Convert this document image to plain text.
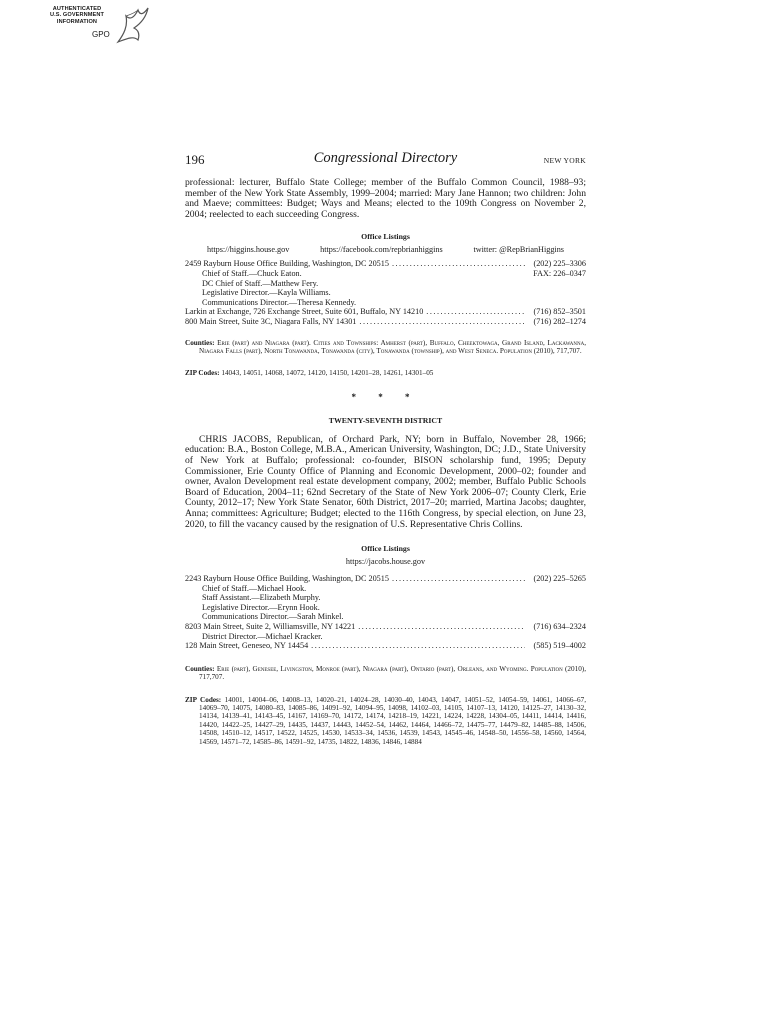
AUTHENTICATED
U.S. GOVERNMENT
INFORMATION
GPO
196	Congressional Directory	NEW YORK

professional: lecturer, Buffalo State College; member of the Buffalo Common Council, 1988–93; member of the New York State Assembly, 1999–2004; married: Mary Jane Hannon; two children: John and Maeve; committees: Budget; Ways and Means; elected to the 109th Congress on November 2, 2004; reelected to each succeeding Congress.

Office Listings
https://higgins.house.gov	https://facebook.com/repbrianhiggins	twitter: @RepBrianHiggins
2459 Rayburn House Office Building, Washington, DC 20515 .....	(202) 225–3306
Chief of Staff.—Chuck Eaton.	FAX: 226–0347
DC Chief of Staff.—Matthew Fery.
Legislative Director.—Kayla Williams.
Communications Director.—Theresa Kennedy.
Larkin at Exchange, 726 Exchange Street, Suite 601, Buffalo, NY 14210 .....	(716) 852–3501
800 Main Street, Suite 3C, Niagara Falls, NY 14301 .....	(716) 282–1274

Counties: Erie (part) and Niagara (part). Cities and Townships: Amherst (part), Buffalo, Cheektowaga, Grand Island, Lackawanna, Niagara Falls (part), North Tonawanda, Tonawanda (city), Tonawanda (township), and West Seneca. Population (2010), 717,707.

ZIP Codes: 14043, 14051, 14068, 14072, 14120, 14150, 14201–28, 14261, 14301–05

* * *
TWENTY-SEVENTH DISTRICT

CHRIS JACOBS, Republican, of Orchard Park, NY; born in Buffalo, November 28, 1966; education: B.A., Boston College, M.B.A., American University, Washington, DC; J.D., State University of New York at Buffalo; professional: co-founder, BISON scholarship fund, 1995; Deputy Commissioner, Erie County Office of Planning and Economic Development, 2000–02; founder and owner, Avalon Development real estate development company, 2002; member, Buffalo Public Schools Board of Education, 2004–11; 62nd Secretary of the State of New York 2006–07; County Clerk, Erie County, 2012–17; New York State Senator, 60th District, 2017–20; married, Martina Jacobs; daughter, Anna; committees: Agriculture; Budget; elected to the 116th Congress, by special election, on June 23, 2020, to fill the vacancy caused by the resignation of U.S. Representative Chris Collins.

Office Listings
https://jacobs.house.gov
2243 Rayburn House Office Building, Washington, DC 20515 .....	(202) 225–5265
Chief of Staff.—Michael Hook.
Staff Assistant.—Elizabeth Murphy.
Legislative Director.—Erynn Hook.
Communications Director.—Sarah Minkel.
8203 Main Street, Suite 2, Williamsville, NY 14221 .....	(716) 634–2324
District Director.—Michael Kracker.
128 Main Street, Geneseo, NY 14454 .....	(585) 519–4002

Counties: Erie (part), Genesee, Livingston, Monroe (part), Niagara (part), Ontario (part), Orleans, and Wyoming. Population (2010), 717,707.

ZIP Codes: 14001, 14004–06, 14008–13, 14020–21, 14024–28, 14030–40, 14043, 14047, 14051–52, 14054–59, 14061, 14066–67, 14069–70, 14075, 14080–83, 14085–86, 14091–92, 14094–95, 14098, 14102–03, 14105, 14107–13, 14120, 14125–27, 14130–32, 14134, 14139–41, 14143–45, 14167, 14169–70, 14172, 14174, 14218–19, 14221, 14224, 14228, 14304–05, 14411, 14414, 14416, 14420, 14422–25, 14427–29, 14435, 14437, 14443, 14452–54, 14462, 14464, 14466–72, 14475–77, 14479–82, 14485–88, 14506, 14508, 14510–12, 14517, 14522, 14525, 14530, 14533–34, 14536, 14539, 14543, 14545–46, 14548–50, 14556–58, 14560, 14564, 14569, 14571–72, 14585–86, 14591–92, 14735, 14822, 14836, 14846, 14884
